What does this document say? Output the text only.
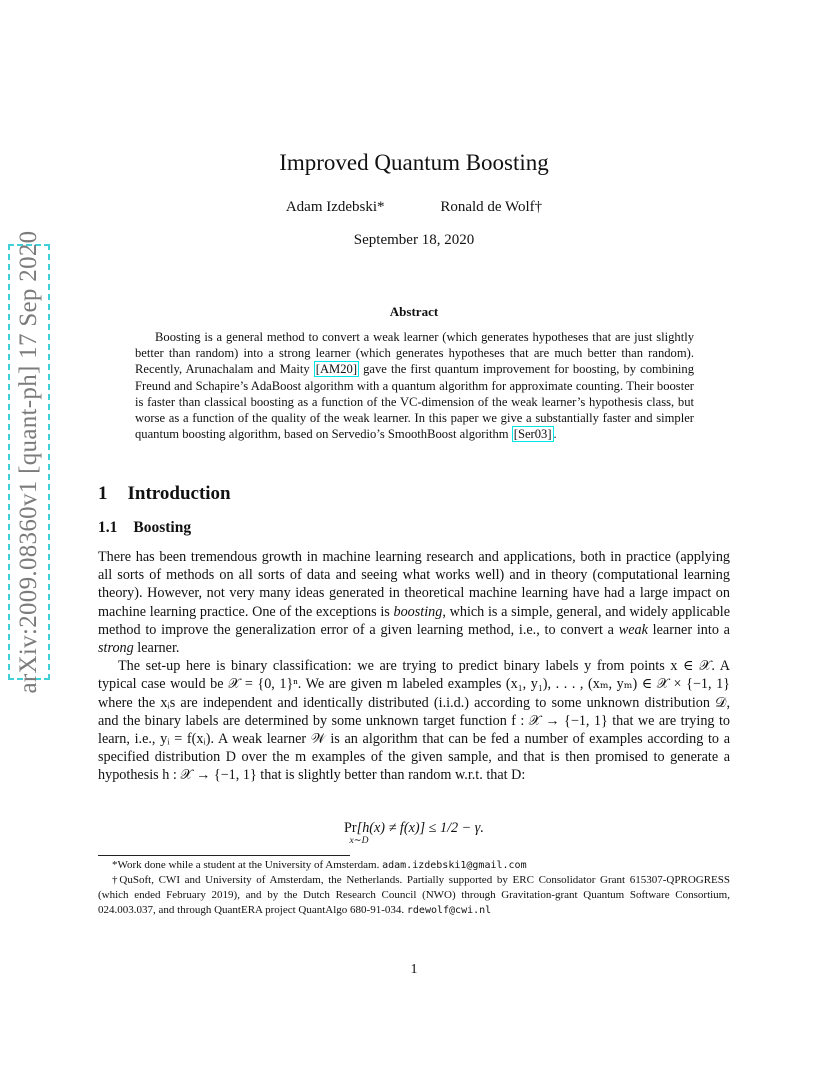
arXiv:2009.08360v1 [quant-ph] 17 Sep 2020
Improved Quantum Boosting
Adam Izdebski*	Ronald de Wolf†
September 18, 2020
Abstract
Boosting is a general method to convert a weak learner (which generates hypotheses that are just slightly better than random) into a strong learner (which generates hypotheses that are much better than random). Recently, Arunachalam and Maity [AM20] gave the first quantum improvement for boosting, by combining Freund and Schapire’s AdaBoost algorithm with a quantum algorithm for approximate counting. Their booster is faster than classical boosting as a function of the VC-dimension of the weak learner’s hypothesis class, but worse as a function of the quality of the weak learner. In this paper we give a substantially faster and simpler quantum boosting algorithm, based on Servedio’s SmoothBoost algorithm [Ser03] .
1 Introduction
1.1 Boosting

There has been tremendous growth in machine learning research and applications, both in practice (applying all sorts of methods on all sorts of data and seeing what works well) and in theory (computational learning theory). However, not very many ideas generated in theoretical machine learning have had a large impact on machine learning practice. One of the exceptions is boosting, which is a simple, general, and widely applicable method to improve the generalization error of a given learning method, i.e., to convert a weak learner into a strong learner.

The set-up here is binary classification: we are trying to predict binary labels y from points x ∈ 𝒳. A typical case would be 𝒳 = {0, 1}ⁿ. We are given m labeled examples (x₁, y₁), . . . , (xₘ, yₘ) ∈ 𝒳 × {−1, 1} where the xᵢs are independent and identically distributed (i.i.d.) according to some unknown distribution 𝒟, and the binary labels are determined by some unknown target function f : 𝒳 → {−1, 1} that we are trying to learn, i.e., yᵢ = f(xᵢ). A weak learner 𝒲 is an algorithm that can be fed a number of examples according to a specified distribution D over the m examples of the given sample, and that is then promised to generate a hypothesis h : 𝒳 → {−1, 1} that is slightly better than random w.r.t. that D:

Pr[h(x) ≠ f(x)] ≤ 1/2 − γ.
x∼D

*Work done while a student at the University of Amsterdam. adam.izdebski1@gmail.com

†QuSoft, CWI and University of Amsterdam, the Netherlands. Partially supported by ERC Consolidator Grant 615307-QPROGRESS (which ended February 2019), and by the Dutch Research Council (NWO) through Gravitation-grant Quantum Software Consortium, 024.003.037, and through QuantERA project QuantAlgo 680-91-034. rdewolf@cwi.nl

1
